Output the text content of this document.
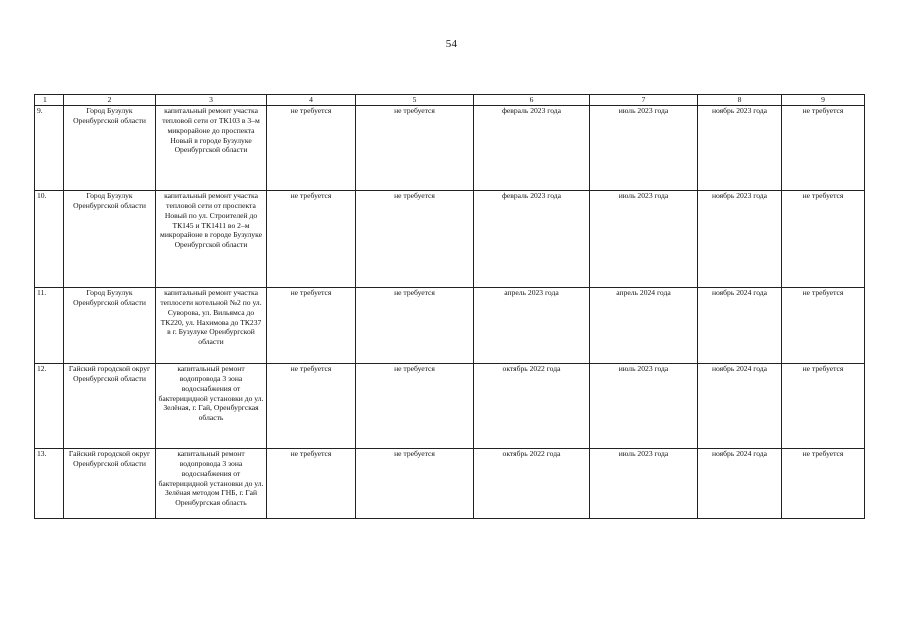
54
1	2	3	4	5	6	7	8	9
9.	Город Бузулук Оренбургской области	капитальный ремонт участка тепловой сети от ТК103 в 3–м микрорайоне до проспекта Новый в городе Бузулуке Оренбургской области	не требуется	не требуется	февраль 2023 года	июль 2023 года	ноябрь 2023 года	не требуется
10.	Город Бузулук Оренбургской области	капитальный ремонт участка тепловой сети от проспекта Новый по ул. Строителей до ТК145 и ТК1411 во 2–м микрорайоне в городе Бузулуке Оренбургской области	не требуется	не требуется	февраль 2023 года	июль 2023 года	ноябрь 2023 года	не требуется
11.	Город Бузулук Оренбургской области	капитальный ремонт участка теплосети котельной №2 по ул. Суворова, ул. Вильямса до ТК220, ул. Нахимова до ТК237 в г. Бузулуке Оренбургской области	не требуется	не требуется	апрель 2023 года	апрель 2024 года	ноябрь 2024 года	не требуется
12.	Гайский городской округ Оренбургской области	капитальный ремонт водопровода 3 зона водоснабжения от бактерицидной установки до ул. Зелёная, г. Гай, Оренбургская область	не требуется	не требуется	октябрь 2022 года	июль 2023 года	ноябрь 2024 года	не требуется
13.	Гайский городской округ Оренбургской области	капитальный ремонт водопровода 3 зона водоснабжения от бактерицидной установки до ул. Зелёная методом ГНБ, г. Гай Оренбургская область	не требуется	не требуется	октябрь 2022 года	июль 2023 года	ноябрь 2024 года	не требуется
